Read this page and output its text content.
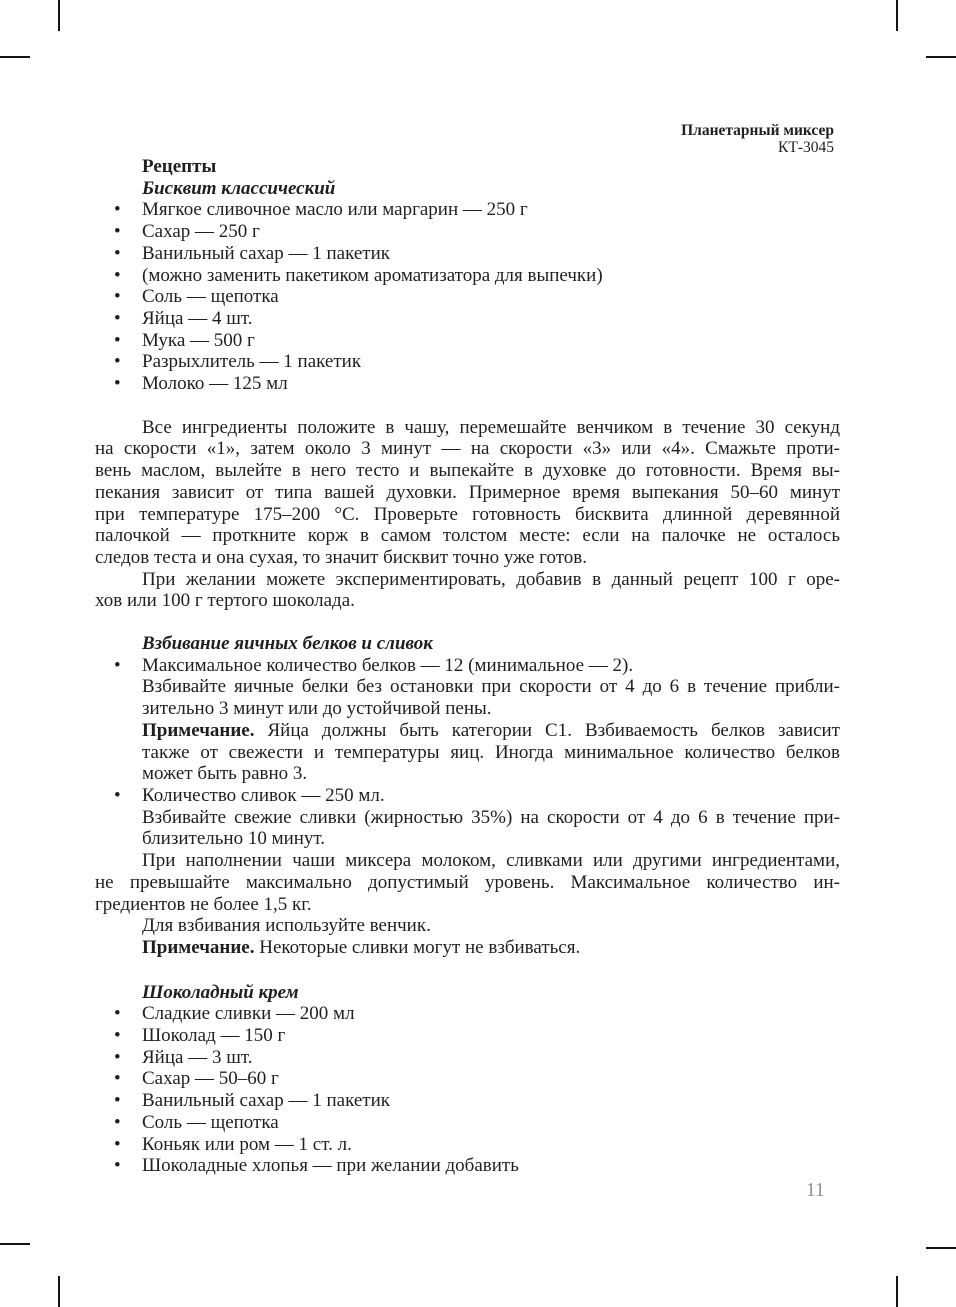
Планетарный миксер
КТ-3045
Рецепты
Бисквит классический
• Мягкое сливочное масло или маргарин — 250 г
• Сахар — 250 г
• Ванильный сахар — 1 пакетик
• (можно заменить пакетиком ароматизатора для выпечки)
• Соль — щепотка
• Яйца — 4 шт.
• Мука — 500 г
• Разрыхлитель — 1 пакетик
• Молоко — 125 мл
Все ингредиенты положите в чашу, перемешайте венчиком в течение 30 секунд
на скорости «1», затем около 3 минут — на скорости «3» или «4». Смажьте проти-
вень маслом, вылейте в него тесто и выпекайте в духовке до готовности. Время вы-
пекания зависит от типа вашей духовки. Примерное время выпекания 50–60 минут
при температуре 175–200 °С. Проверьте готовность бисквита длинной деревянной
палочкой — проткните корж в самом толстом месте: если на палочке не осталось
следов теста и она сухая, то значит бисквит точно уже готов.
При желании можете экспериментировать, добавив в данный рецепт 100 г оре-
хов или 100 г тертого шоколада.
Взбивание яичных белков и сливок
• Максимальное количество белков — 12 (минимальное — 2).
Взбивайте яичные белки без остановки при скорости от 4 до 6 в течение прибли-
зительно 3 минут или до устойчивой пены.
Примечание. Яйца должны быть категории С1. Взбиваемость белков зависит
также от свежести и температуры яиц. Иногда минимальное количество белков
может быть равно 3.
• Количество сливок — 250 мл.
Взбивайте свежие сливки (жирностью 35%) на скорости от 4 до 6 в течение при-
близительно 10 минут.
При наполнении чаши миксера молоком, сливками или другими ингредиентами,
не превышайте максимально допустимый уровень. Максимальное количество ин-
гредиентов не более 1,5 кг.
Для взбивания используйте венчик.
Примечание. Некоторые сливки могут не взбиваться.
Шоколадный крем
• Сладкие сливки — 200 мл
• Шоколад — 150 г
• Яйца — 3 шт.
• Сахар — 50–60 г
• Ванильный сахар — 1 пакетик
• Соль — щепотка
• Коньяк или ром — 1 ст. л.
• Шоколадные хлопья — при желании добавить
11
